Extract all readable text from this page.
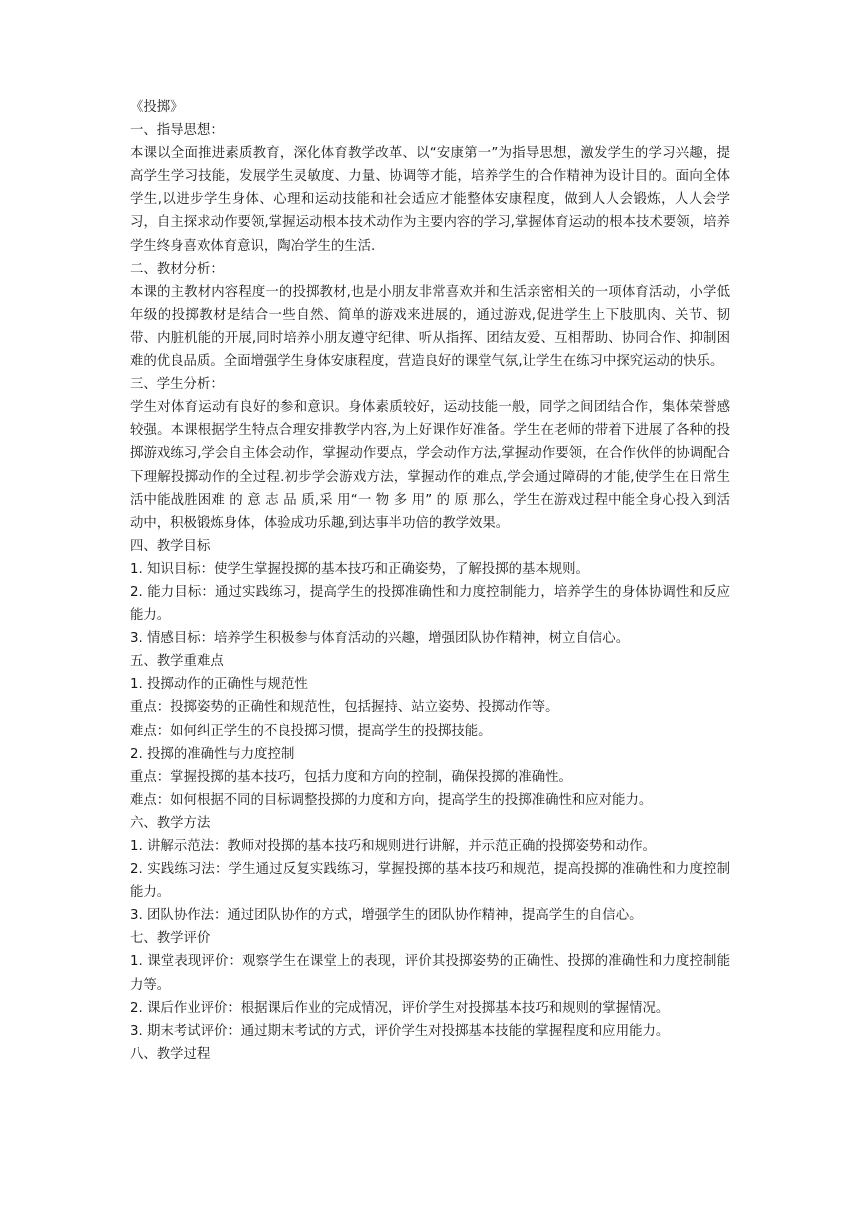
《投掷》
一、指导思想：

本课以全面推进素质教育，深化体育教学改革、以“安康第一”为指导思想，激发学生的学习兴趣，提高学生学习技能，发展学生灵敏度、力量、协调等才能，培养学生的合作精神为设计目的。面向全体学生,以进步学生身体、心理和运动技能和社会适应才能整体安康程度，做到人人会锻炼，人人会学习，自主探求动作要领,掌握运动根本技术动作为主要内容的学习,掌握体育运动的根本技术要领，培养学生终身喜欢体育意识，陶冶学生的生活.

二、教材分析：

本课的主教材内容程度一的投掷教材,也是小朋友非常喜欢并和生活亲密相关的一项体育活动，小学低年级的投掷教材是结合一些自然、简单的游戏来进展的，通过游戏,促进学生上下肢肌肉、关节、韧带、内脏机能的开展,同时培养小朋友遵守纪律、听从指挥、团结友爱、互相帮助、协同合作、抑制困难的优良品质。全面增强学生身体安康程度，营造良好的课堂气氛,让学生在练习中探究运动的快乐。

三、学生分析：

学生对体育运动有良好的参和意识。身体素质较好，运动技能一般，同学之间团结合作，集体荣誉感较强。本课根据学生特点合理安排教学内容,为上好课作好准备。学生在老师的带着下进展了各种的投掷游戏练习,学会自主体会动作，掌握动作要点，学会动作方法,掌握动作要领，在合作伙伴的协调配合下理解投掷动作的全过程.初步学会游戏方法，掌握动作的难点,学会通过障碍的才能,使学生在日常生活中能战胜困难 的 意 志 品 质,采 用“一 物 多 用” 的 原 那么，学生在游戏过程中能全身心投入到活动中，积极锻炼身体，体验成功乐趣,到达事半功倍的教学效果。

四、教学目标

1. 知识目标：使学生掌握投掷的基本技巧和正确姿势，了解投掷的基本规则。

2. 能力目标：通过实践练习，提高学生的投掷准确性和力度控制能力，培养学生的身体协调性和反应能力。

3. 情感目标：培养学生积极参与体育活动的兴趣，增强团队协作精神，树立自信心。

五、教学重难点
1. 投掷动作的正确性与规范性
重点：投掷姿势的正确性和规范性，包括握持、站立姿势、投掷动作等。
难点：如何纠正学生的不良投掷习惯，提高学生的投掷技能。
2. 投掷的准确性与力度控制
重点：掌握投掷的基本技巧，包括力度和方向的控制，确保投掷的准确性。
难点：如何根据不同的目标调整投掷的力度和方向，提高学生的投掷准确性和应对能力。
六、教学方法

1. 讲解示范法：教师对投掷的基本技巧和规则进行讲解，并示范正确的投掷姿势和动作。

2. 实践练习法：学生通过反复实践练习，掌握投掷的基本技巧和规范，提高投掷的准确性和力度控制能力。

3. 团队协作法：通过团队协作的方式，增强学生的团队协作精神，提高学生的自信心。

七、教学评价

1. 课堂表现评价：观察学生在课堂上的表现，评价其投掷姿势的正确性、投掷的准确性和力度控制能力等。

2. 课后作业评价：根据课后作业的完成情况，评价学生对投掷基本技巧和规则的掌握情况。

3. 期末考试评价：通过期末考试的方式，评价学生对投掷基本技能的掌握程度和应用能力。

八、教学过程
